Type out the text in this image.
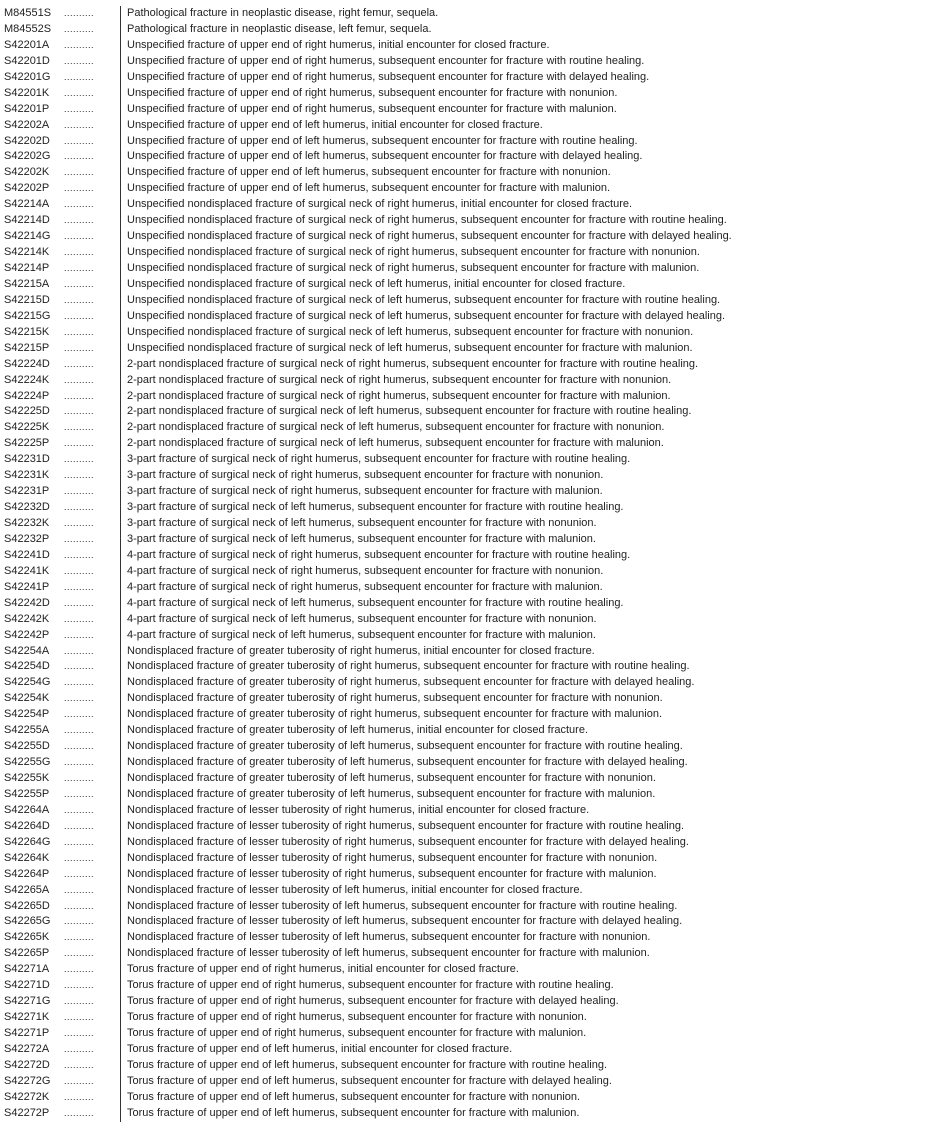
M84551S	..........	Pathological fracture in neoplastic disease, right femur, sequela.
M84552S	..........	Pathological fracture in neoplastic disease, left femur, sequela.
S42201A	..........	Unspecified fracture of upper end of right humerus, initial encounter for closed fracture.
S42201D	..........	Unspecified fracture of upper end of right humerus, subsequent encounter for fracture with routine healing.
S42201G	..........	Unspecified fracture of upper end of right humerus, subsequent encounter for fracture with delayed healing.
S42201K	..........	Unspecified fracture of upper end of right humerus, subsequent encounter for fracture with nonunion.
S42201P	..........	Unspecified fracture of upper end of right humerus, subsequent encounter for fracture with malunion.
S42202A	..........	Unspecified fracture of upper end of left humerus, initial encounter for closed fracture.
S42202D	..........	Unspecified fracture of upper end of left humerus, subsequent encounter for fracture with routine healing.
S42202G	..........	Unspecified fracture of upper end of left humerus, subsequent encounter for fracture with delayed healing.
S42202K	..........	Unspecified fracture of upper end of left humerus, subsequent encounter for fracture with nonunion.
S42202P	..........	Unspecified fracture of upper end of left humerus, subsequent encounter for fracture with malunion.
S42214A	..........	Unspecified nondisplaced fracture of surgical neck of right humerus, initial encounter for closed fracture.
S42214D	..........	Unspecified nondisplaced fracture of surgical neck of right humerus, subsequent encounter for fracture with routine healing.
S42214G	..........	Unspecified nondisplaced fracture of surgical neck of right humerus, subsequent encounter for fracture with delayed healing.
S42214K	..........	Unspecified nondisplaced fracture of surgical neck of right humerus, subsequent encounter for fracture with nonunion.
S42214P	..........	Unspecified nondisplaced fracture of surgical neck of right humerus, subsequent encounter for fracture with malunion.
S42215A	..........	Unspecified nondisplaced fracture of surgical neck of left humerus, initial encounter for closed fracture.
S42215D	..........	Unspecified nondisplaced fracture of surgical neck of left humerus, subsequent encounter for fracture with routine healing.
S42215G	..........	Unspecified nondisplaced fracture of surgical neck of left humerus, subsequent encounter for fracture with delayed healing.
S42215K	..........	Unspecified nondisplaced fracture of surgical neck of left humerus, subsequent encounter for fracture with nonunion.
S42215P	..........	Unspecified nondisplaced fracture of surgical neck of left humerus, subsequent encounter for fracture with malunion.
S42224D	..........	2-part nondisplaced fracture of surgical neck of right humerus, subsequent encounter for fracture with routine healing.
S42224K	..........	2-part nondisplaced fracture of surgical neck of right humerus, subsequent encounter for fracture with nonunion.
S42224P	..........	2-part nondisplaced fracture of surgical neck of right humerus, subsequent encounter for fracture with malunion.
S42225D	..........	2-part nondisplaced fracture of surgical neck of left humerus, subsequent encounter for fracture with routine healing.
S42225K	..........	2-part nondisplaced fracture of surgical neck of left humerus, subsequent encounter for fracture with nonunion.
S42225P	..........	2-part nondisplaced fracture of surgical neck of left humerus, subsequent encounter for fracture with malunion.
S42231D	..........	3-part fracture of surgical neck of right humerus, subsequent encounter for fracture with routine healing.
S42231K	..........	3-part fracture of surgical neck of right humerus, subsequent encounter for fracture with nonunion.
S42231P	..........	3-part fracture of surgical neck of right humerus, subsequent encounter for fracture with malunion.
S42232D	..........	3-part fracture of surgical neck of left humerus, subsequent encounter for fracture with routine healing.
S42232K	..........	3-part fracture of surgical neck of left humerus, subsequent encounter for fracture with nonunion.
S42232P	..........	3-part fracture of surgical neck of left humerus, subsequent encounter for fracture with malunion.
S42241D	..........	4-part fracture of surgical neck of right humerus, subsequent encounter for fracture with routine healing.
S42241K	..........	4-part fracture of surgical neck of right humerus, subsequent encounter for fracture with nonunion.
S42241P	..........	4-part fracture of surgical neck of right humerus, subsequent encounter for fracture with malunion.
S42242D	..........	4-part fracture of surgical neck of left humerus, subsequent encounter for fracture with routine healing.
S42242K	..........	4-part fracture of surgical neck of left humerus, subsequent encounter for fracture with nonunion.
S42242P	..........	4-part fracture of surgical neck of left humerus, subsequent encounter for fracture with malunion.
S42254A	..........	Nondisplaced fracture of greater tuberosity of right humerus, initial encounter for closed fracture.
S42254D	..........	Nondisplaced fracture of greater tuberosity of right humerus, subsequent encounter for fracture with routine healing.
S42254G	..........	Nondisplaced fracture of greater tuberosity of right humerus, subsequent encounter for fracture with delayed healing.
S42254K	..........	Nondisplaced fracture of greater tuberosity of right humerus, subsequent encounter for fracture with nonunion.
S42254P	..........	Nondisplaced fracture of greater tuberosity of right humerus, subsequent encounter for fracture with malunion.
S42255A	..........	Nondisplaced fracture of greater tuberosity of left humerus, initial encounter for closed fracture.
S42255D	..........	Nondisplaced fracture of greater tuberosity of left humerus, subsequent encounter for fracture with routine healing.
S42255G	..........	Nondisplaced fracture of greater tuberosity of left humerus, subsequent encounter for fracture with delayed healing.
S42255K	..........	Nondisplaced fracture of greater tuberosity of left humerus, subsequent encounter for fracture with nonunion.
S42255P	..........	Nondisplaced fracture of greater tuberosity of left humerus, subsequent encounter for fracture with malunion.
S42264A	..........	Nondisplaced fracture of lesser tuberosity of right humerus, initial encounter for closed fracture.
S42264D	..........	Nondisplaced fracture of lesser tuberosity of right humerus, subsequent encounter for fracture with routine healing.
S42264G	..........	Nondisplaced fracture of lesser tuberosity of right humerus, subsequent encounter for fracture with delayed healing.
S42264K	..........	Nondisplaced fracture of lesser tuberosity of right humerus, subsequent encounter for fracture with nonunion.
S42264P	..........	Nondisplaced fracture of lesser tuberosity of right humerus, subsequent encounter for fracture with malunion.
S42265A	..........	Nondisplaced fracture of lesser tuberosity of left humerus, initial encounter for closed fracture.
S42265D	..........	Nondisplaced fracture of lesser tuberosity of left humerus, subsequent encounter for fracture with routine healing.
S42265G	..........	Nondisplaced fracture of lesser tuberosity of left humerus, subsequent encounter for fracture with delayed healing.
S42265K	..........	Nondisplaced fracture of lesser tuberosity of left humerus, subsequent encounter for fracture with nonunion.
S42265P	..........	Nondisplaced fracture of lesser tuberosity of left humerus, subsequent encounter for fracture with malunion.
S42271A	..........	Torus fracture of upper end of right humerus, initial encounter for closed fracture.
S42271D	..........	Torus fracture of upper end of right humerus, subsequent encounter for fracture with routine healing.
S42271G	..........	Torus fracture of upper end of right humerus, subsequent encounter for fracture with delayed healing.
S42271K	..........	Torus fracture of upper end of right humerus, subsequent encounter for fracture with nonunion.
S42271P	..........	Torus fracture of upper end of right humerus, subsequent encounter for fracture with malunion.
S42272A	..........	Torus fracture of upper end of left humerus, initial encounter for closed fracture.
S42272D	..........	Torus fracture of upper end of left humerus, subsequent encounter for fracture with routine healing.
S42272G	..........	Torus fracture of upper end of left humerus, subsequent encounter for fracture with delayed healing.
S42272K	..........	Torus fracture of upper end of left humerus, subsequent encounter for fracture with nonunion.
S42272P	..........	Torus fracture of upper end of left humerus, subsequent encounter for fracture with malunion.
